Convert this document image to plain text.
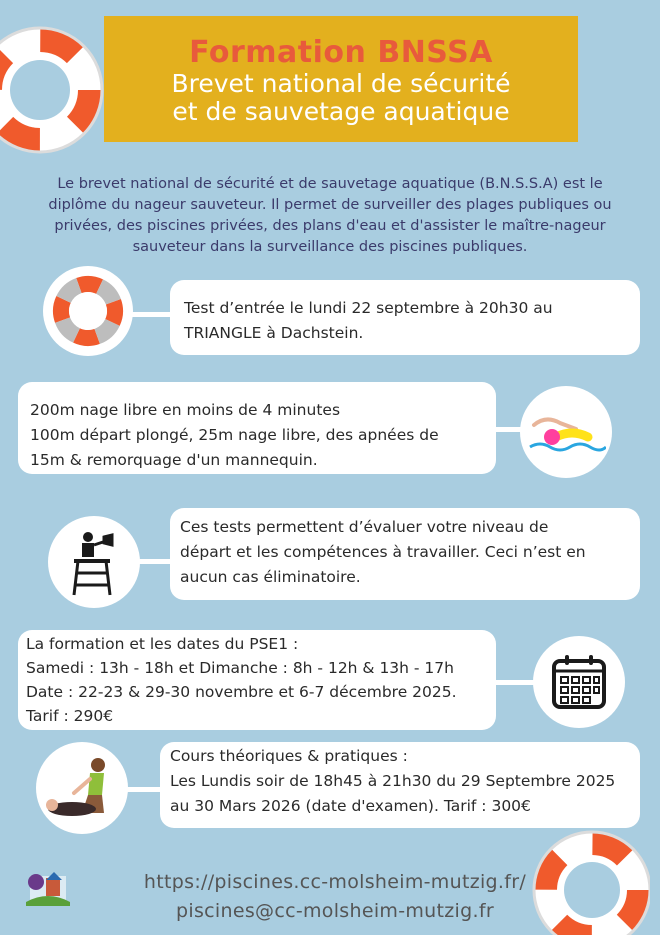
Formation BNSSA
Brevet national de sécurité
et de sauvetage aquatique
Le brevet national de sécurité et de sauvetage aquatique (B.N.S.S.A) est le diplôme du nageur sauveteur. Il permet de surveiller des plages publiques ou privées, des piscines privées, des plans d'eau et d'assister le maître-nageur sauveteur dans la surveillance des piscines publiques.
Test d’entrée le lundi 22 septembre à 20h30 au
TRIANGLE à Dachstein.
200m nage libre en moins de 4 minutes
100m départ plongé, 25m nage libre, des apnées de
15m & remorquage d'un mannequin.
Ces tests permettent d’évaluer votre niveau de
départ et les compétences à travailler. Ceci n’est en
aucun cas éliminatoire.
La formation et les dates du PSE1 :
Samedi : 13h - 18h et Dimanche : 8h - 12h & 13h - 17h
Date : 22-23 & 29-30 novembre et 6-7 décembre 2025.
Tarif : 290€
Cours théoriques & pratiques :
Les Lundis soir de 18h45 à 21h30 du 29 Septembre 2025
au 30 Mars 2026 (date d'examen). Tarif : 300€
https://piscines.cc-molsheim-mutzig.fr/
piscines@cc-molsheim-mutzig.fr
